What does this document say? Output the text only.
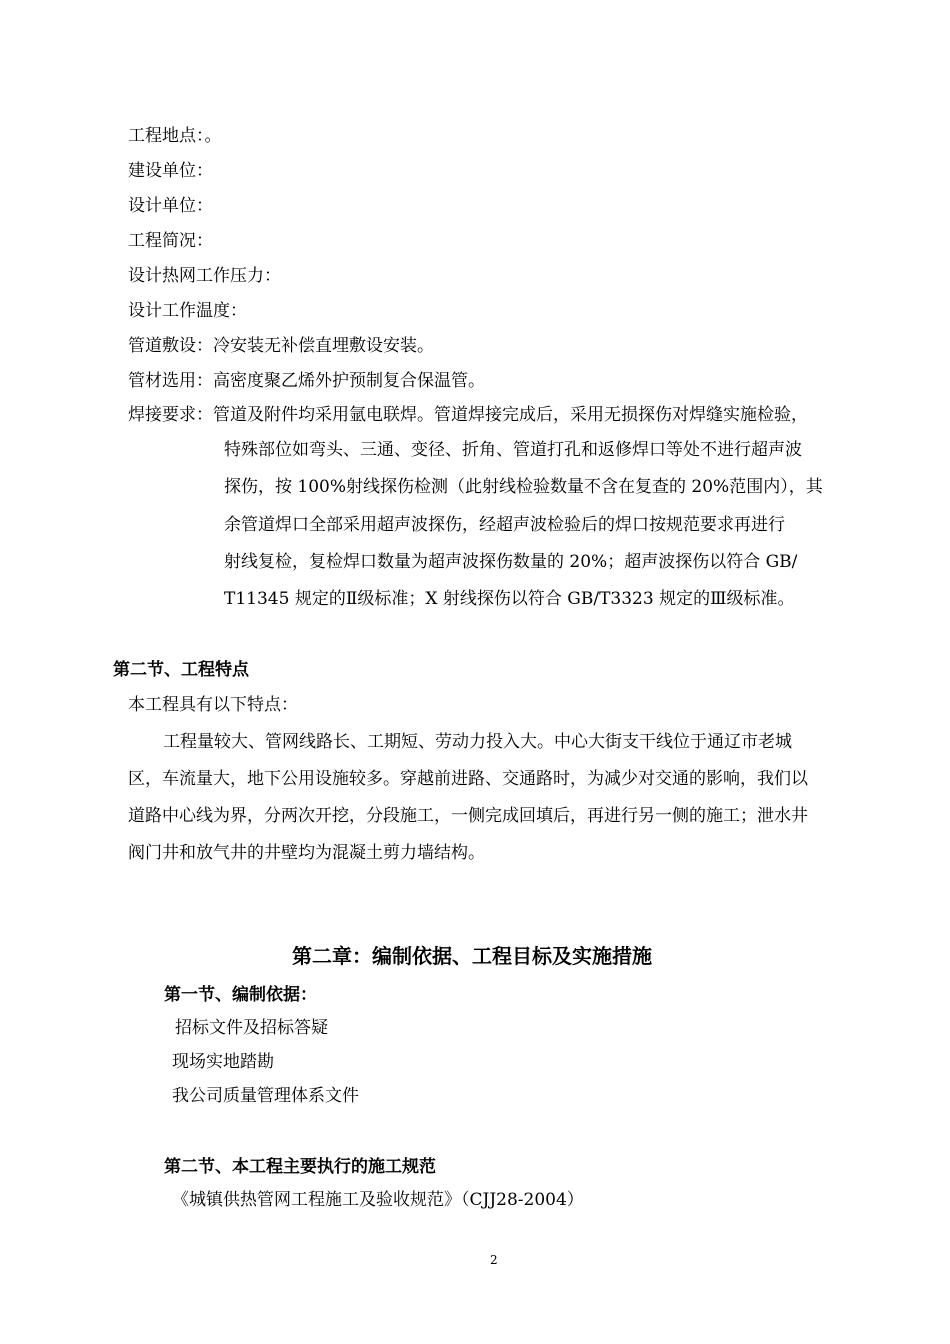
工程地点：。
建设单位：
设计单位：
工程简况：
设计热网工作压力：
设计工作温度：
管道敷设：冷安装无补偿直埋敷设安装。
管材选用：高密度聚乙烯外护预制复合保温管。
焊接要求：管道及附件均采用氩电联焊。管道焊接完成后，采用无损探伤对焊缝实施检验，
特殊部位如弯头、三通、变径、折角、管道打孔和返修焊口等处不进行超声波
探伤，按 100%射线探伤检测（此射线检验数量不含在复查的 20%范围内），其
余管道焊口全部采用超声波探伤，经超声波检验后的焊口按规范要求再进行
射线复检，复检焊口数量为超声波探伤数量的 20%；超声波探伤以符合 GB/
T11345 规定的Ⅱ级标准；X 射线探伤以符合 GB/T3323 规定的Ⅲ级标准。
第二节、工程特点
本工程具有以下特点：
工程量较大、管网线路长、工期短、劳动力投入大。中心大街支干线位于通辽市老城
区，车流量大，地下公用设施较多。穿越前进路、交通路时，为减少对交通的影响，我们以
道路中心线为界，分两次开挖，分段施工，一侧完成回填后，再进行另一侧的施工；泄水井
阀门井和放气井的井壁均为混凝土剪力墙结构。
第二章：编制依据、工程目标及实施措施
第一节、编制依据：
招标文件及招标答疑
现场实地踏勘
我公司质量管理体系文件
第二节、本工程主要执行的施工规范
《城镇供热管网工程施工及验收规范》（CJJ28-2004）
2
